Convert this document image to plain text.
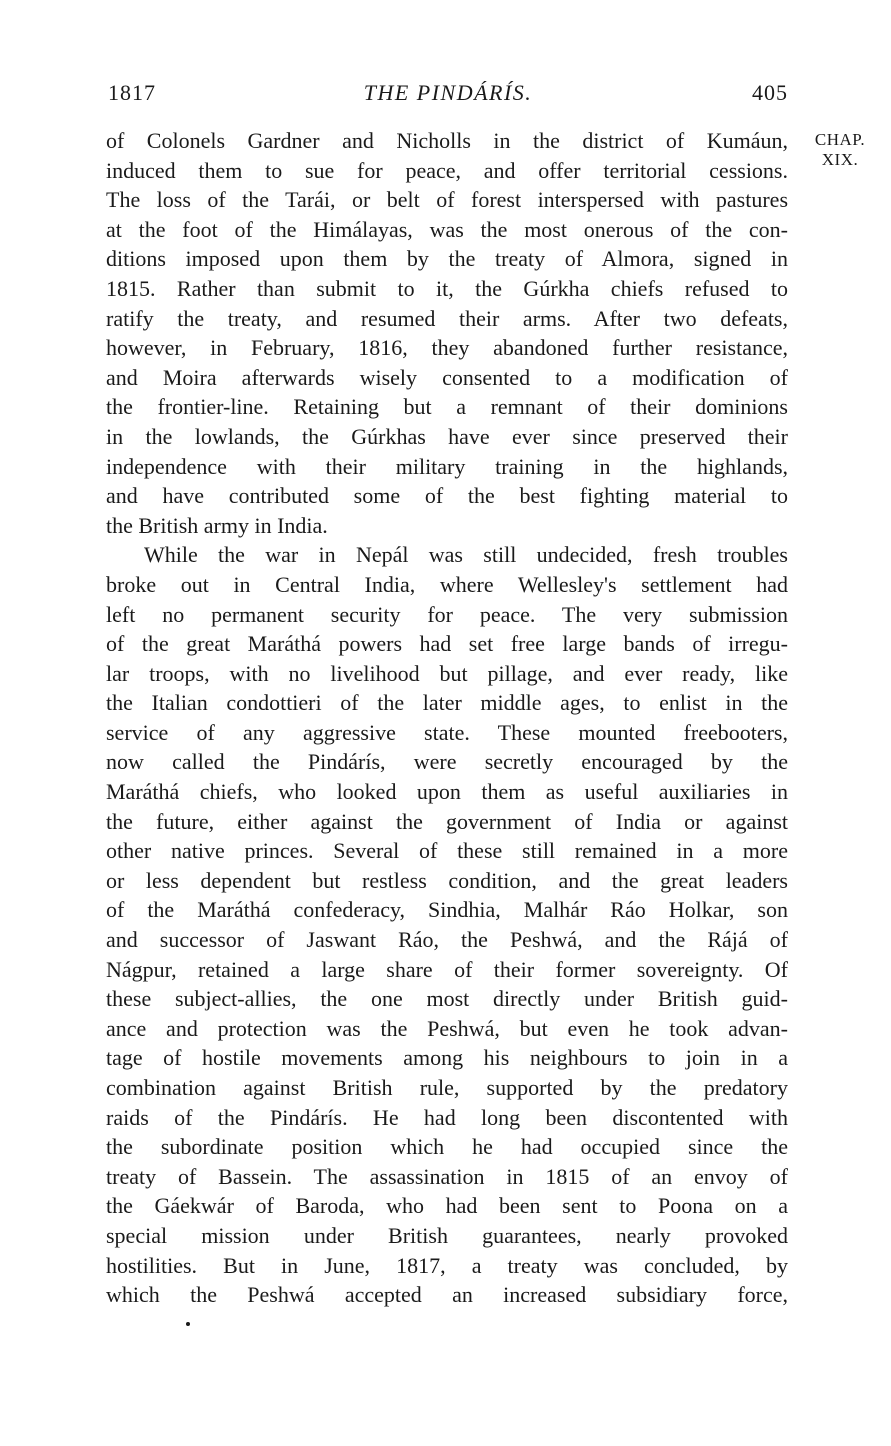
1817	THE PINDÁRÍS.	405
CHAP.
XIX.
of Colonels Gardner and Nicholls in the district of Kumáun,
induced them to sue for peace, and offer territorial cessions.
The loss of the Tarái, or belt of forest interspersed with pastures
at the foot of the Himálayas, was the most onerous of the con-
ditions imposed upon them by the treaty of Almora, signed in
1815. Rather than submit to it, the Gúrkha chiefs refused to
ratify the treaty, and resumed their arms. After two defeats,
however, in February, 1816, they abandoned further resistance,
and Moira afterwards wisely consented to a modification of
the frontier-line. Retaining but a remnant of their dominions
in the lowlands, the Gúrkhas have ever since preserved their
independence with their military training in the highlands,
and have contributed some of the best fighting material to
the British army in India.
While the war in Nepál was still undecided, fresh troubles
broke out in Central India, where Wellesley's settlement had
left no permanent security for peace. The very submission
of the great Maráthá powers had set free large bands of irregu-
lar troops, with no livelihood but pillage, and ever ready, like
the Italian condottieri of the later middle ages, to enlist in the
service of any aggressive state. These mounted freebooters,
now called the Pindárís, were secretly encouraged by the
Maráthá chiefs, who looked upon them as useful auxiliaries in
the future, either against the government of India or against
other native princes. Several of these still remained in a more
or less dependent but restless condition, and the great leaders
of the Maráthá confederacy, Sindhia, Malhár Ráo Holkar, son
and successor of Jaswant Ráo, the Peshwá, and the Rájá of
Nágpur, retained a large share of their former sovereignty. Of
these subject-allies, the one most directly under British guid-
ance and protection was the Peshwá, but even he took advan-
tage of hostile movements among his neighbours to join in a
combination against British rule, supported by the predatory
raids of the Pindárís. He had long been discontented with
the subordinate position which he had occupied since the
treaty of Bassein. The assassination in 1815 of an envoy of
the Gáekwár of Baroda, who had been sent to Poona on a
special mission under British guarantees, nearly provoked
hostilities. But in June, 1817, a treaty was concluded, by
which the Peshwá accepted an increased subsidiary force,
